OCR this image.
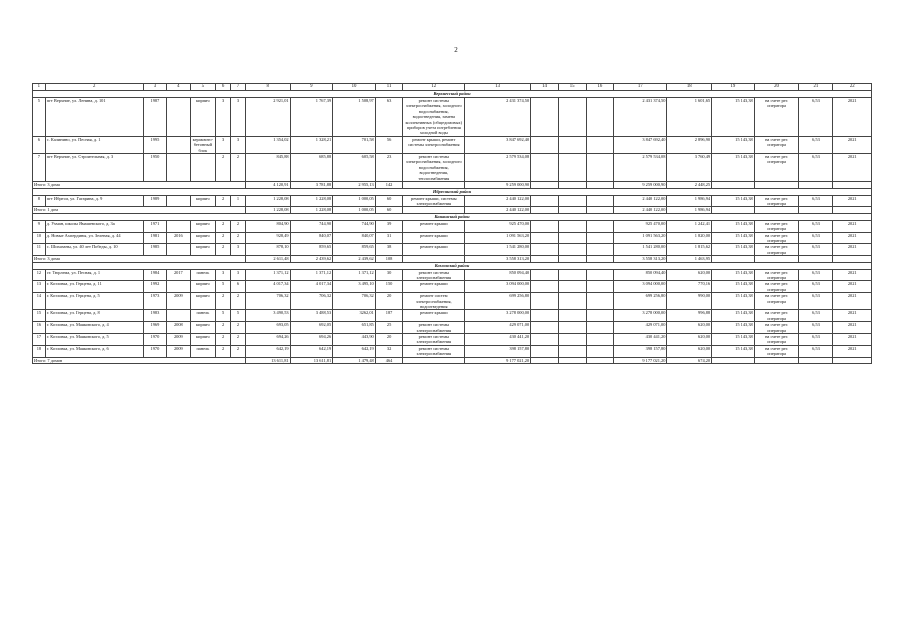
2
1	2	3	4	5	6	7	8	9	10	11	12	13	14	15	16	17	18	19	20	21	22
Верхнесский район																					
5	пгт Верхние, ул. Ленина, д. 101	1987		кирпич	3	3	2 921,01	1 767,39	1 508,97	63	ремонт системы электроснабжения, холодного водоснабжения, водоотведения, замена коллективных (общедомовых) приборов учета потребления холодной воды	2 431 374,50				2 431 374,50	1 601,65	15 143,38	на счете рег. оператора	6,53	2021
6	с. Калинино, ул. Песная, д. 1	1995		керамзито-бетонный блок	3	3	1 354,02	1 328,21	701,58	56	ремонт крыши, ремонт системы электроснабжения	3 847 692,40				3 847 692,40	2 896,90	15 143,38	на счете рег. оператора	6,53	2021
7	пгт Верхние, ул. Строительная, д. 3	1950			2	2	845,88	685,88	605,58	23	ремонт системы электроснабжения, холодного водоснабжения, водоотведения, теплоснабжения	2 579 534,08				2 579 534,08	3 760,49	15 143,38	на счете рег. оператора	6,53	2021
Итого: 3 дома							4 120,91	3 781,88	2 955,13	142		9 259 000,90				9 259 000,90	2 448,25				
Ибресинский район																					
8	пгт Ибреси, ул. Гагарина, д. 9	1989		кирпич	2	1	1 228,08	1 228,08	1 000,05	60	ремонт крыши, системы электроснабжения	2 440 122,00				2 440 122,00	1 986,94	15 143,38	на счете рег. оператора	6,53	2021
Итого: 1 дом							1 228,08	1 228,08	1 000,05	60		2 440 122,00				2 440 122,00	1 986,94				
Канашский район																					
9	д. Ухман, школы Ямашевского, д. 3а	1971		кирпич	2	2	804,90	744,90	744,90	39	ремонт крыши	925 470,00				925 470,00	1 242,41	15 143,38	на счете рег. оператора	6,53	2021
10	д. Новые Ахпердины, ул. Зеленая, д. 44	1981	2016	кирпич	2	2	928,49	840,07	840,07	31	ремонт крыши	1 091 563,20				1 091 563,20	1 820,00	15 143,38	на счете рег. оператора	6,53	2021
11	с. Шихазаны, ул. 40 лет Победы, д. 10	1985		кирпич	2	3	878,10	859,65	859,65	38	ремонт крыши	1 541 280,00				1 541 280,00	1 815,62	15 143,38	на счете рег. оператора	6,53	2021
Итого: 3 дома							2 611,48	2 439,62	2 439,62	108		3 558 313,20				3 558 313,20	1 463,95				
Козловский район																					
12	ст. Тюрлема, ул. Песная, д. 1	1984	2017	панель	3	3	1 371,12	1 371,12	1 371,12	30	ремонт системы электроснабжения	850 094,40				850 094,40	620,00	15 143,38	на счете рег. оператора	6,53	2021
13	г. Козловка, ул. Герцена, д. 11	1992		кирпич	5	6	4 017,34	4 017,34	3 495,10	150	ремонт крыши	3 094 000,00				3 094 000,00	770,16	15 143,38	на счете рег. оператора	6,53	2021
14	г. Козловка, ул. Герцена, д. 5	1973	2009	кирпич	2	2	706,32	706,32	706,32	20	ремонт систем электроснабжения, водоотведения	699 256,80				699 256,80	990,00	15 143,38	на счете рег. оператора	6,53	2021
15	г. Козловка, ул. Герцена, д. 8	1983		панель	5	5	3 490,53	3 488,53	3262,01	187	ремонт крыши	3 278 000,00				3 278 000,00	996,88	15 143,38	на счете рег. оператора	6,53	2021
16	г. Козловка, ул. Маяковского, д. 4	1969	2008	кирпич	2	2	693,05	692,05	651,85	25	ремонт системы электроснабжения	429 071,00				429 071,00	620,00	15 143,38	на счете рег. оператора	6,53	2021
17	г. Козловка, ул. Маяковского, д. 5	1970	2009	кирпич	2	2	694,26	694,26	443,90	20	ремонт системы электроснабжения	430 441,20				430 441,20	620,00	15 143,38	на счете рег. оператора	6,53	2021
18	г. Козловка, ул. Маяковского, д. 6	1970	2009	панель	2	2	642,19	642,19	642,19	32	ремонт системы электроснабжения	398 157,80				398 157,80	620,00	15 143,38	на счете рег. оператора	6,53	2021
Итого: 7 домов							13 611,81	13 611,81	1 479,48	464		9 177 021,20				9 177 021,20	674,20				
